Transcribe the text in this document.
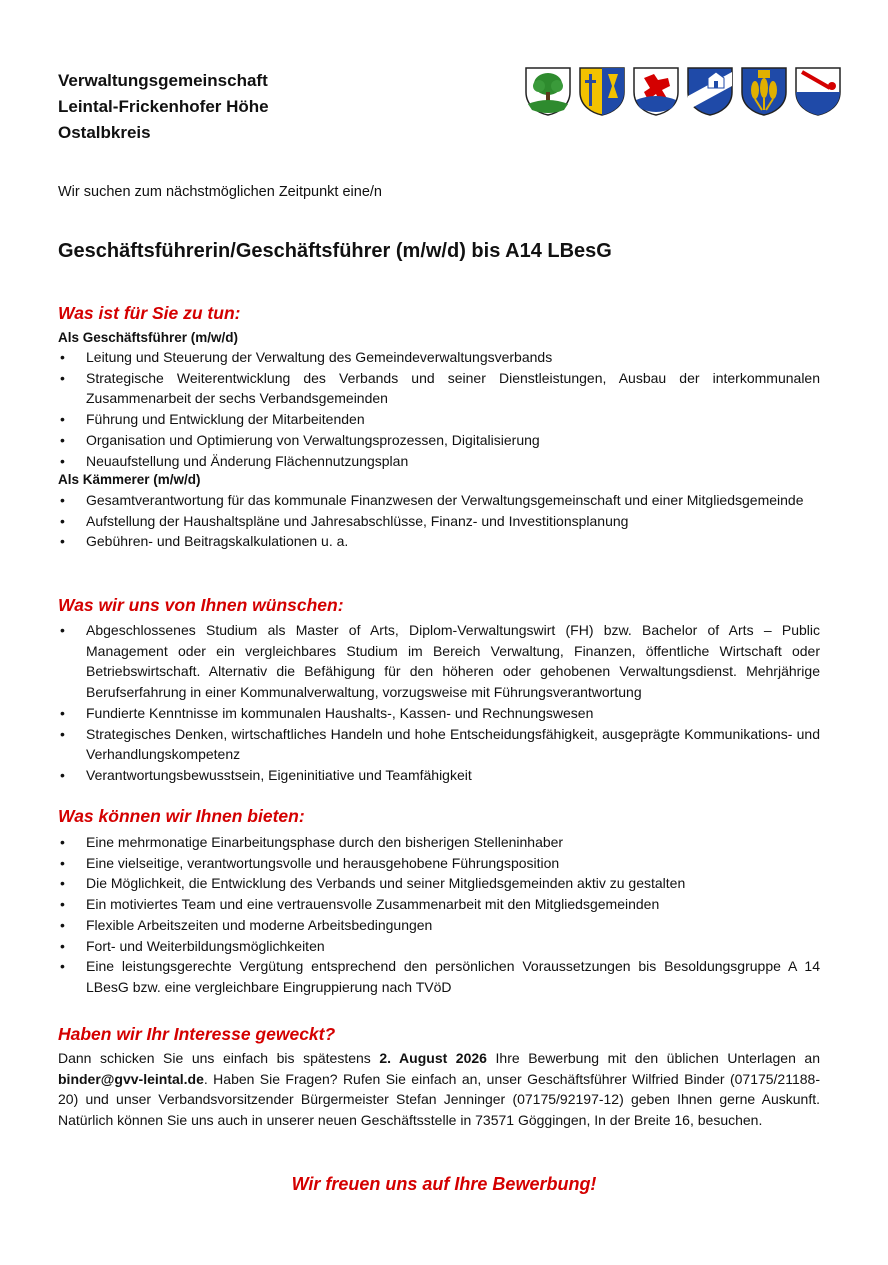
Verwaltungsgemeinschaft
Leintal-Frickenhofer Höhe
Ostalbkreis
Wir suchen zum nächstmöglichen Zeitpunkt eine/n
Geschäftsführerin/Geschäftsführer (m/w/d) bis A14 LBesG
Was ist für Sie zu tun:
Als Geschäftsführer (m/w/d)
• Leitung und Steuerung der Verwaltung des Gemeindeverwaltungsverbands
• Strategische Weiterentwicklung des Verbands und seiner Dienstleistungen, Ausbau der interkommunalen Zusammenarbeit der sechs Verbandsgemeinden
• Führung und Entwicklung der Mitarbeitenden
• Organisation und Optimierung von Verwaltungsprozessen, Digitalisierung
• Neuaufstellung und Änderung Flächennutzungsplan
Als Kämmerer (m/w/d)
• Gesamtverantwortung für das kommunale Finanzwesen der Verwaltungsgemeinschaft und einer Mitgliedsgemeinde
• Aufstellung der Haushaltspläne und Jahresabschlüsse, Finanz- und Investitionsplanung
• Gebühren- und Beitragskalkulationen u. a.
Was wir uns von Ihnen wünschen:
• Abgeschlossenes Studium als Master of Arts, Diplom-Verwaltungswirt (FH) bzw. Bachelor of Arts – Public Management oder ein vergleichbares Studium im Bereich Verwaltung, Finanzen, öffentliche Wirtschaft oder Betriebswirtschaft. Alternativ die Befähigung für den höheren oder gehobenen Verwaltungsdienst. Mehrjährige Berufserfahrung in einer Kommunalverwaltung, vorzugsweise mit Führungsverantwortung
• Fundierte Kenntnisse im kommunalen Haushalts-, Kassen- und Rechnungswesen
• Strategisches Denken, wirtschaftliches Handeln und hohe Entscheidungsfähigkeit, ausgeprägte Kommunikations- und Verhandlungskompetenz
• Verantwortungsbewusstsein, Eigeninitiative und Teamfähigkeit
Was können wir Ihnen bieten:
• Eine mehrmonatige Einarbeitungsphase durch den bisherigen Stelleninhaber
• Eine vielseitige, verantwortungsvolle und herausgehobene Führungsposition
• Die Möglichkeit, die Entwicklung des Verbands und seiner Mitgliedsgemeinden aktiv zu gestalten
• Ein motiviertes Team und eine vertrauensvolle Zusammenarbeit mit den Mitgliedsgemeinden
• Flexible Arbeitszeiten und moderne Arbeitsbedingungen
• Fort- und Weiterbildungsmöglichkeiten
• Eine leistungsgerechte Vergütung entsprechend den persönlichen Voraussetzungen bis Besoldungsgruppe A 14 LBesG bzw. eine vergleichbare Eingruppierung nach TVöD
Haben wir Ihr Interesse geweckt?
Dann schicken Sie uns einfach bis spätestens 2. August 2026 Ihre Bewerbung mit den üblichen Unterlagen an binder@gvv-leintal.de. Haben Sie Fragen? Rufen Sie einfach an, unser Geschäftsführer Wilfried Binder (07175/21188-20) und unser Verbandsvorsitzender Bürgermeister Stefan Jenninger (07175/92197-12) geben Ihnen gerne Auskunft. Natürlich können Sie uns auch in unserer neuen Geschäftsstelle in 73571 Göggingen, In der Breite 16, besuchen.
Wir freuen uns auf Ihre Bewerbung!
